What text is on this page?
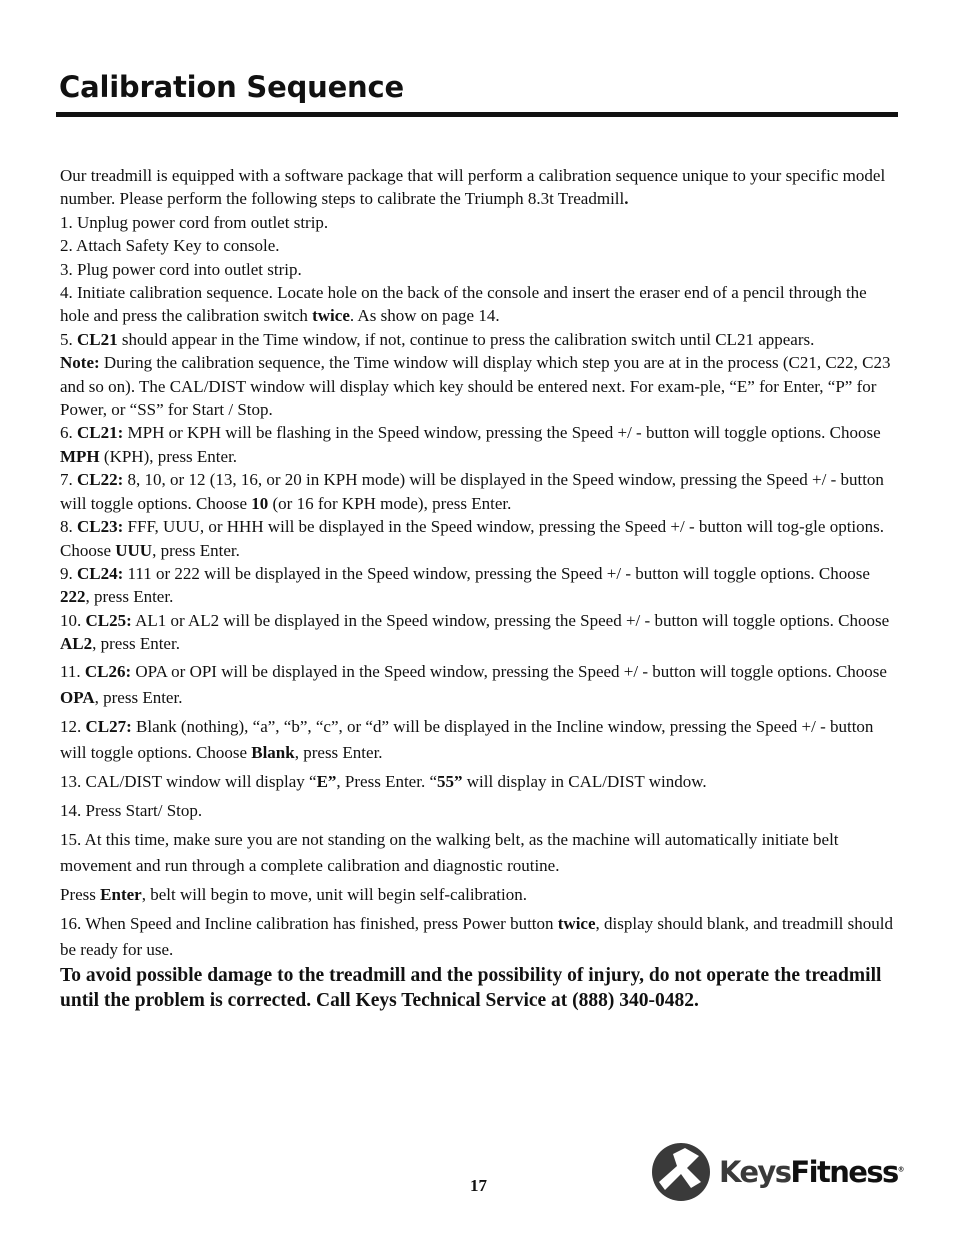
Calibration Sequence

Our treadmill is equipped with a software package that will perform a calibration sequence unique to your specific model number. Please perform the following steps to calibrate the Triumph 8.3t Treadmill.

1. Unplug power cord from outlet strip.

2. Attach Safety Key to console.

3. Plug power cord into outlet strip.

4. Initiate calibration sequence. Locate hole on the back of the console and insert the eraser end of a pencil through the hole and press the calibration switch twice. As show on page 14.

5. CL21 should appear in the Time window, if not, continue to press the calibration switch until CL21 appears.

Note: During the calibration sequence, the Time window will display which step you are at in the process (C21, C22, C23 and so on). The CAL/DIST window will display which key should be entered next. For exam-ple, “E” for Enter, “P” for Power, or “SS” for Start / Stop.

6. CL21: MPH or KPH will be flashing in the Speed window, pressing the Speed +/ - button will toggle options. Choose MPH (KPH), press Enter.

7. CL22: 8, 10, or 12 (13, 16, or 20 in KPH mode) will be displayed in the Speed window, pressing the Speed +/ - button will toggle options. Choose 10 (or 16 for KPH mode), press Enter.

8. CL23: FFF, UUU, or HHH will be displayed in the Speed window, pressing the Speed +/ - button will tog-gle options. Choose UUU, press Enter.

9. CL24: 111 or 222 will be displayed in the Speed window, pressing the Speed +/ - button will toggle options. Choose 222, press Enter.

10. CL25: AL1 or AL2 will be displayed in the Speed window, pressing the Speed +/ - button will toggle options. Choose AL2, press Enter.

11. CL26: OPA or OPI will be displayed in the Speed window, pressing the Speed +/ - button will toggle options. Choose OPA, press Enter.

12. CL27: Blank (nothing), “a”, “b”, “c”, or “d” will be displayed in the Incline window, pressing the Speed +/ - button will toggle options. Choose Blank, press Enter.

13. CAL/DIST window will display “E”, Press Enter. “55” will display in CAL/DIST window.

14. Press Start/ Stop.

15. At this time, make sure you are not standing on the walking belt, as the machine will automatically initiate belt movement and run through a complete calibration and diagnostic routine.

Press Enter, belt will begin to move, unit will begin self-calibration.

16. When Speed and Incline calibration has finished, press Power button twice, display should blank, and treadmill should be ready for use.

To avoid possible damage to the treadmill and the possibility of injury, do not operate the treadmill until the problem is corrected. Call Keys Technical Service at (888) 340-0482.

17	KeysFitness®
